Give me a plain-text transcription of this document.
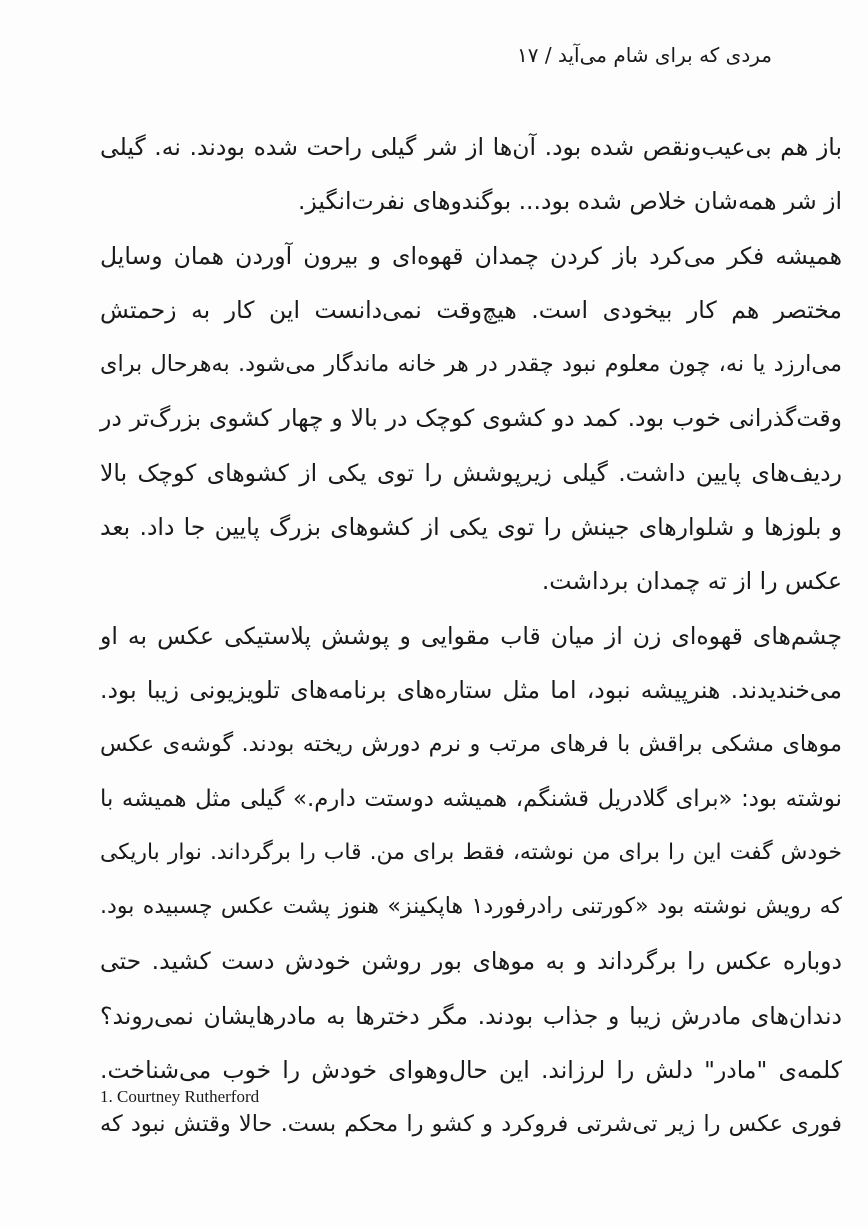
مردی که برای شام می‌آید / ۱۷
باز هم بی‌عیب‌ونقص شده بود. آن‌ها از شر گیلی راحت شده بودند. نه. گیلی
از شر همه‌شان خلاص شده بود... بوگندوهای نفرت‌انگیز.
همیشه فکر می‌کرد باز کردن چمدان قهوه‌ای و بیرون آوردن همان وسایل
مختصر هم کار بیخودی است. هیچ‌وقت نمی‌دانست این کار به زحمتش
می‌ارزد یا نه، چون معلوم نبود چقدر در هر خانه ماندگار می‌شود. به‌هرحال برای
وقت‌گذرانی خوب بود. کمد دو کشوی کوچک در بالا و چهار کشوی بزرگ‌تر در
ردیف‌های پایین داشت. گیلی زیرپوشش را توی یکی از کشوهای کوچک بالا
و بلوزها و شلوارهای جینش را توی یکی از کشوهای بزرگ پایین جا داد. بعد
عکس را از ته چمدان برداشت.
چشم‌های قهوه‌ای زن از میان قاب مقوایی و پوشش پلاستیکی عکس به او
می‌خندیدند. هنرپیشه نبود، اما مثل ستاره‌های برنامه‌های تلویزیونی زیبا بود.
موهای مشکی براقش با فرهای مرتب و نرم دورش ریخته بودند. گوشه‌ی عکس
نوشته بود: «برای گلادریل قشنگم، همیشه دوستت دارم.» گیلی مثل همیشه با
خودش گفت این را برای من نوشته، فقط برای من. قاب را برگرداند. نوار باریکی
که رویش نوشته بود «کورتنی رادرفورد۱ هاپکینز» هنوز پشت عکس چسبیده بود.
دوباره عکس را برگرداند و به موهای بور روشن خودش دست کشید. حتی
دندان‌های مادرش زیبا و جذاب بودند. مگر دخترها به مادرهایشان نمی‌روند؟
کلمه‌ی "مادر" دلش را لرزاند. این حال‌وهوای خودش را خوب می‌شناخت.
فوری عکس را زیر تی‌شرتی فروکرد و کشو را محکم بست. حالا وقتش نبود که
1. Courtney Rutherford
